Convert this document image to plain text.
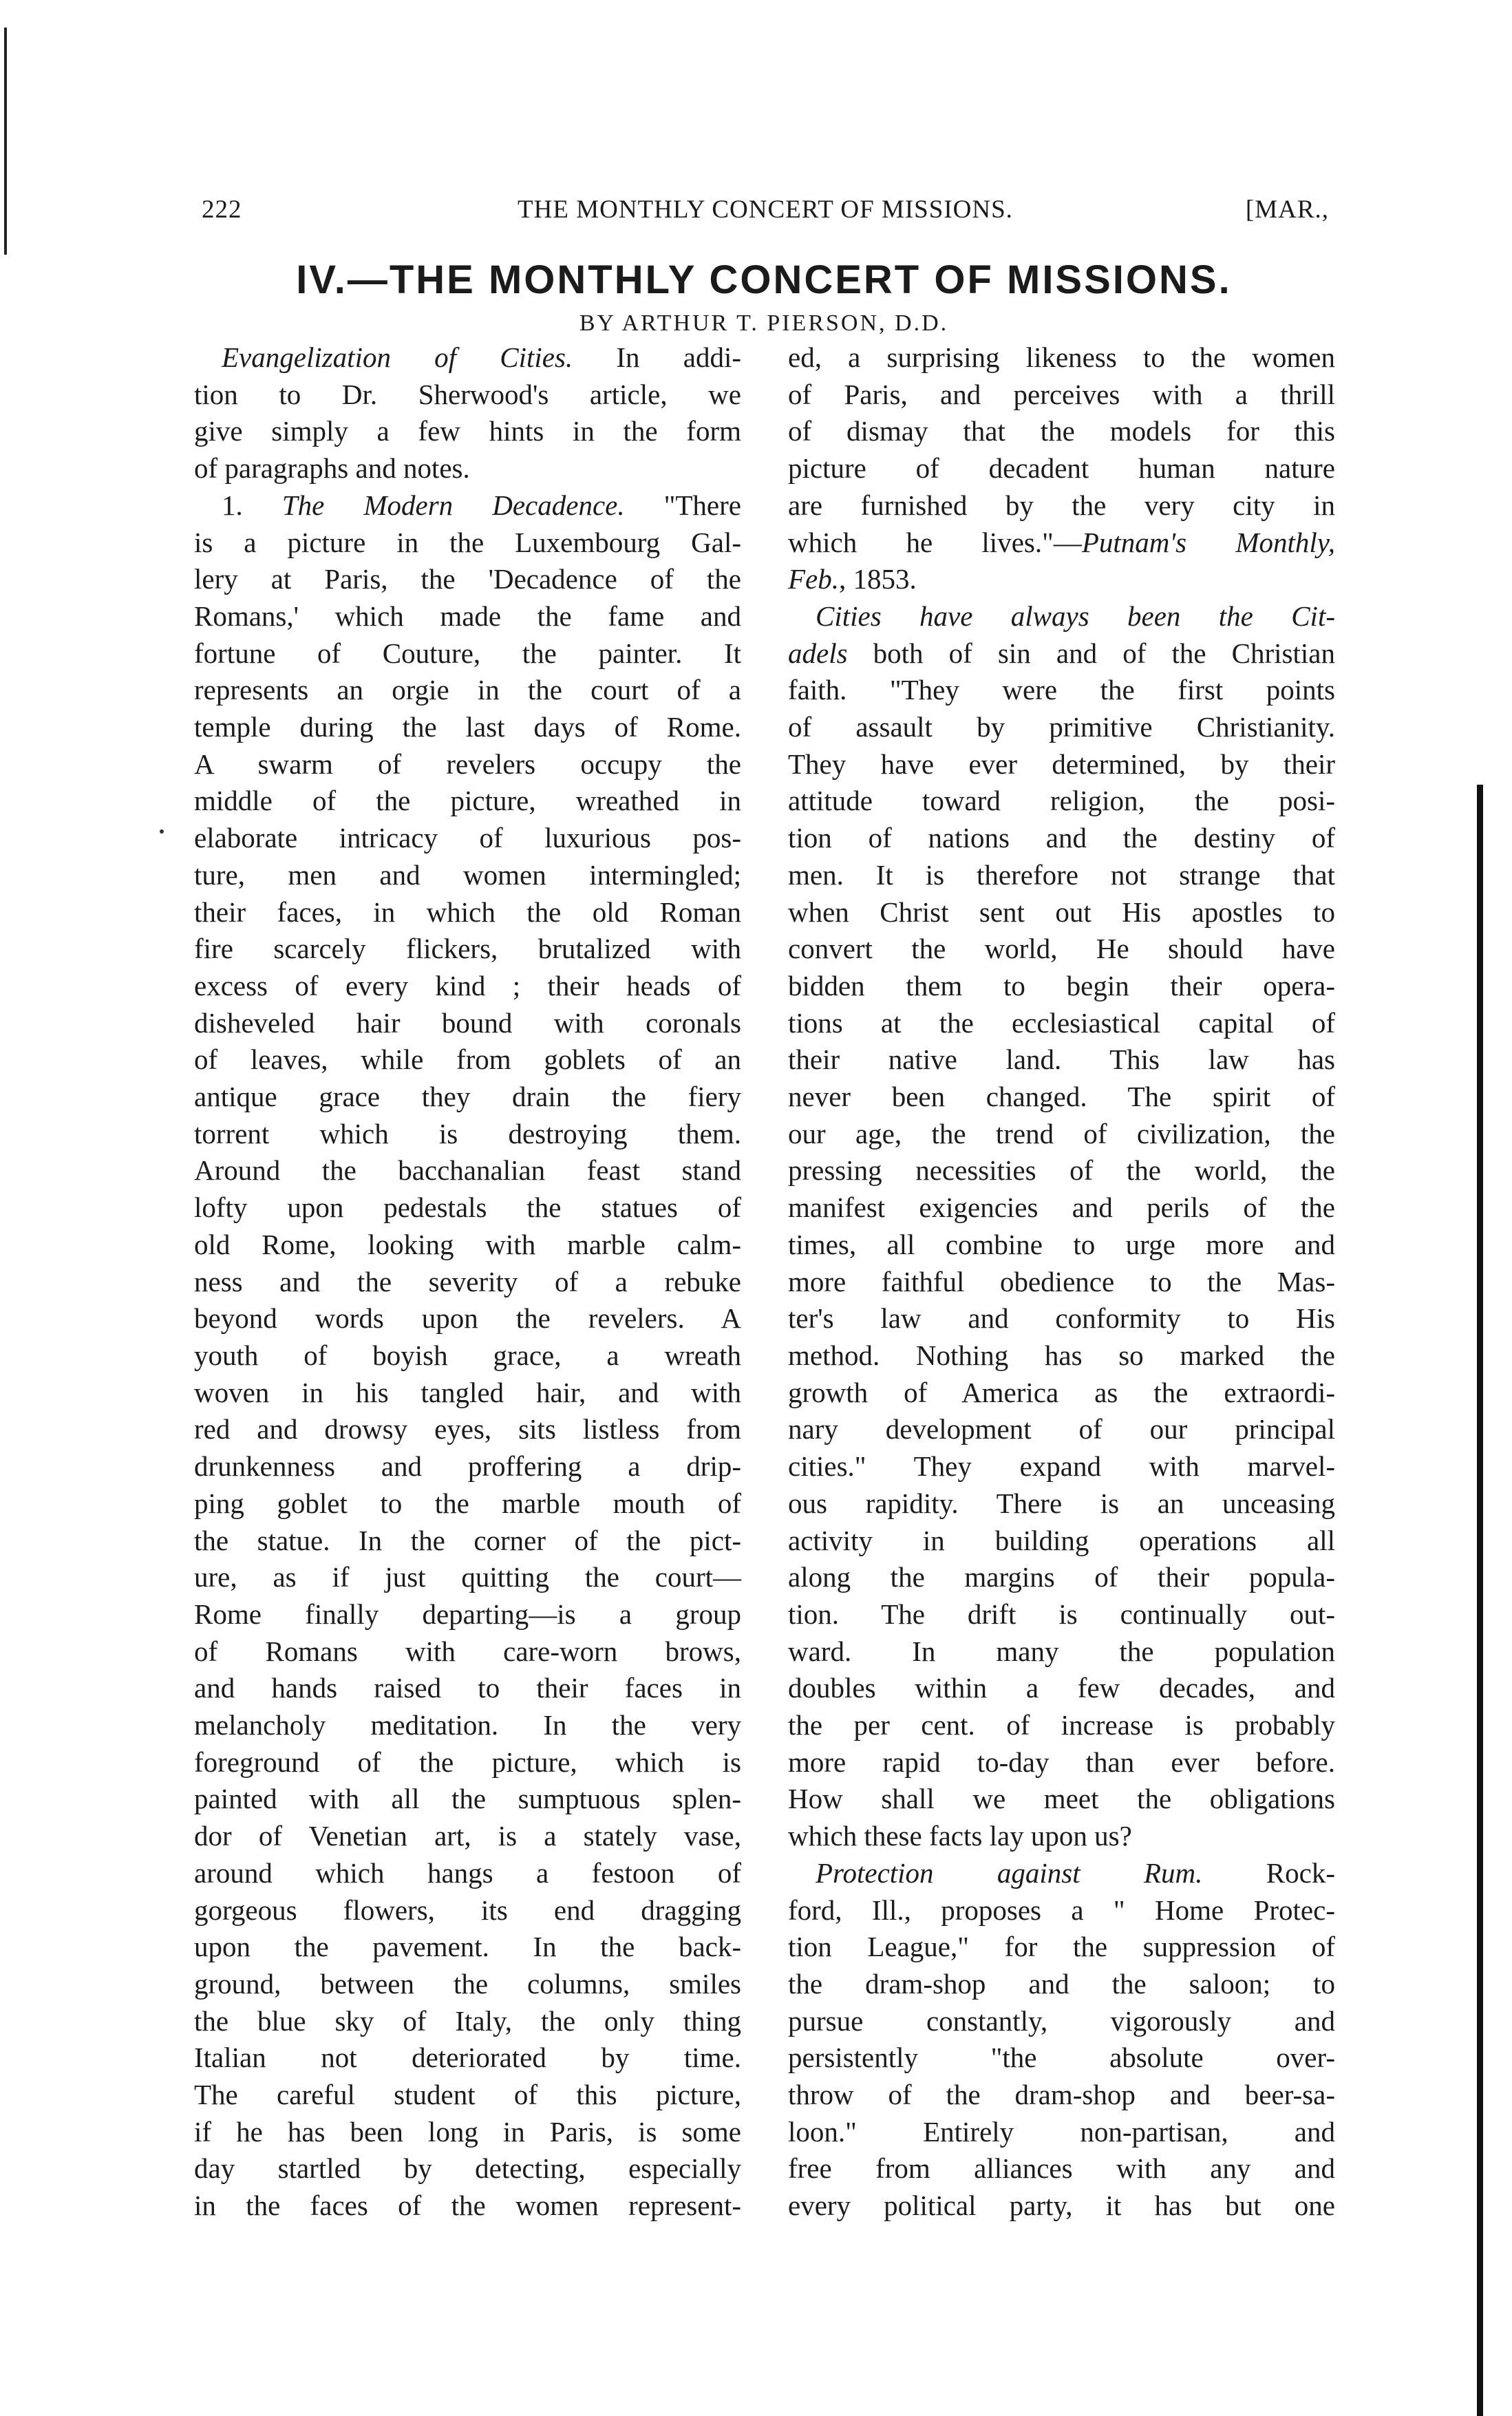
222	THE MONTHLY CONCERT OF MISSIONS.	[MAR.,
IV.—THE MONTHLY CONCERT OF MISSIONS.
BY ARTHUR T. PIERSON, D.D.

Evangelization of Cities. In addi-
tion to Dr. Sherwood's article, we
give simply a few hints in the form
of paragraphs and notes.

1. The Modern Decadence. "There
is a picture in the Luxembourg Gal-
lery at Paris, the 'Decadence of the
Romans,' which made the fame and
fortune of Couture, the painter. It
represents an orgie in the court of a
temple during the last days of Rome.
A swarm of revelers occupy the
middle of the picture, wreathed in
elaborate intricacy of luxurious pos-
ture, men and women intermingled;
their faces, in which the old Roman
fire scarcely flickers, brutalized with
excess of every kind ; their heads of
disheveled hair bound with coronals
of leaves, while from goblets of an
antique grace they drain the fiery
torrent which is destroying them.
Around the bacchanalian feast stand
lofty upon pedestals the statues of
old Rome, looking with marble calm-
ness and the severity of a rebuke
beyond words upon the revelers. A
youth of boyish grace, a wreath
woven in his tangled hair, and with
red and drowsy eyes, sits listless from
drunkenness and proffering a drip-
ping goblet to the marble mouth of
the statue. In the corner of the pict-
ure, as if just quitting the court—
Rome finally departing—is a group
of Romans with care-worn brows,
and hands raised to their faces in
melancholy meditation. In the very
foreground of the picture, which is
painted with all the sumptuous splen-
dor of Venetian art, is a stately vase,
around which hangs a festoon of
gorgeous flowers, its end dragging
upon the pavement. In the back-
ground, between the columns, smiles
the blue sky of Italy, the only thing
Italian not deteriorated by time.
The careful student of this picture,
if he has been long in Paris, is some
day startled by detecting, especially
in the faces of the women represent-

ed, a surprising likeness to the women
of Paris, and perceives with a thrill
of dismay that the models for this
picture of decadent human nature
are furnished by the very city in
which he lives."—Putnam's Monthly,
Feb., 1853.

Cities have always been the Cit-
adels both of sin and of the Christian
faith. "They were the first points
of assault by primitive Christianity.
They have ever determined, by their
attitude toward religion, the posi-
tion of nations and the destiny of
men. It is therefore not strange that
when Christ sent out His apostles to
convert the world, He should have
bidden them to begin their opera-
tions at the ecclesiastical capital of
their native land. This law has
never been changed. The spirit of
our age, the trend of civilization, the
pressing necessities of the world, the
manifest exigencies and perils of the
times, all combine to urge more and
more faithful obedience to the Mas-
ter's law and conformity to His
method. Nothing has so marked the
growth of America as the extraordi-
nary development of our principal
cities." They expand with marvel-
ous rapidity. There is an unceasing
activity in building operations all
along the margins of their popula-
tion. The drift is continually out-
ward. In many the population
doubles within a few decades, and
the per cent. of increase is probably
more rapid to-day than ever before.
How shall we meet the obligations
which these facts lay upon us?

Protection against Rum. Rock-
ford, Ill., proposes a " Home Protec-
tion League," for the suppression of
the dram-shop and the saloon; to
pursue constantly, vigorously and
persistently "the absolute over-
throw of the dram-shop and beer-sa-
loon." Entirely non-partisan, and
free from alliances with any and
every political party, it has but one
